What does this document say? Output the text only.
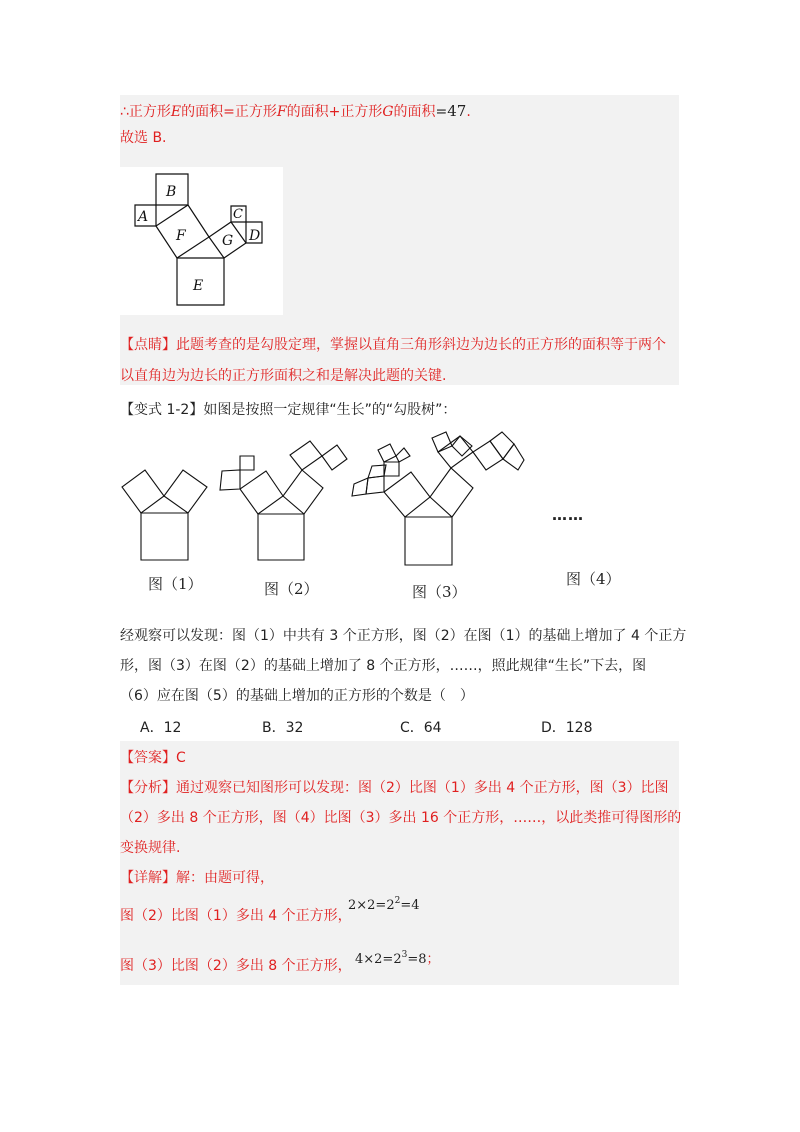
∴正方形E的面积=正方形F的面积+正方形G的面积=47.
故选 B.
A
B
C
D
E
F	G
【点睛】此题考查的是勾股定理，掌握以直角三角形斜边为边长的正方形的面积等于两个
以直角边为边长的正方形面积之和是解决此题的关键.
【变式 1-2】如图是按照一定规律“生长”的“勾股树”：
图（1）	图（2）	图（3）
图（4）
……
经观察可以发现：图（1）中共有 3 个正方形，图（2）在图（1）的基础上增加了 4 个正方
形，图（3）在图（2）的基础上增加了 8 个正方形，……，照此规律“生长”下去，图
（6）应在图（5）的基础上增加的正方形的个数是（　）
A．12	B．32	C．64	D．128
【答案】C
【分析】通过观察已知图形可以发现：图（2）比图（1）多出 4 个正方形，图（3）比图
（2）多出 8 个正方形，图（4）比图（3）多出 16 个正方形，……，以此类推可得图形的
变换规律.
【详解】解：由题可得，
图（2）比图（1）多出 4 个正方形，
$2\times 2=2^2=4$
图（3）比图（2）多出 8 个正方形， $4\times 2=2^3=8$；
